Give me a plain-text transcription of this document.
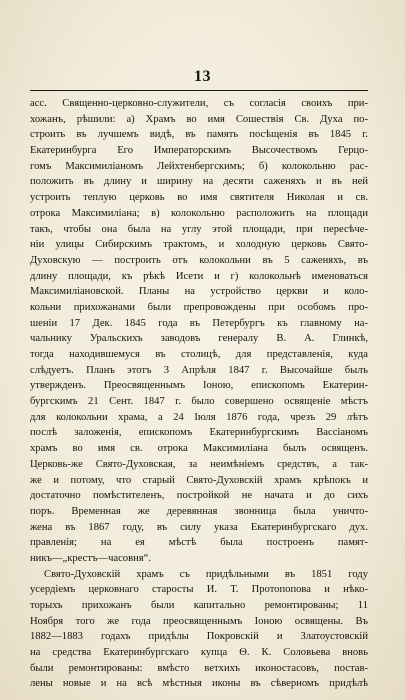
13
асс. Священно-церковно-служители, съ согласія своихъ при-
хожанъ, рѣшили: а) Храмъ во имя Сошествія Св. Духа по-
строить въ лучшемъ видѣ, въ память посѣщенія въ 1845 г.
Екатеринбурга Его Императорскимъ Высочествомъ Герцо-
гомъ Максимиліаномъ Лейхтенбергскимъ; б) колокольню рас-
положить въ длину и ширину на десяти саженяхъ и въ ней
устроить теплую церковь во имя святителя Николая и св.
отрока Максимиліана; в) колокольню расположить на площади
такъ, чтобы она была на углу этой площади, при пересѣче-
ніи улицы Сибирскимъ трактомъ, и холодную церковь Свято-
Духовскую — построить отъ колокольни въ 5 саженяхъ, въ
длину площади, къ рѣкѣ Исети и г) колокольнѣ именоваться
Максимиліановской. Планы на устройство церкви и коло-
кольни прихожанами были препровождены при особомъ про-
шеніи 17 Дек. 1845 года въ Петербургъ къ главному на-
чальнику Уральскихъ заводовъ генералу В. А. Глинкѣ,
тогда находившемуся въ столицѣ, для представленія, куда
слѣдуетъ. Планъ этотъ 3 Апрѣля 1847 г. Высочайше былъ
утвержденъ. Преосвященнымъ Іоною, епископомъ Екатерин-
бургскимъ 21 Сент. 1847 г. было совершено освященіе мѣстъ
для колокольни храма, а 24 Іюля 1876 года, чрезъ 29 лѣтъ
послѣ заложенія, епископомъ Екатеринбургскимъ Вассіаномъ
храмъ во имя св. отрока Максимиліана былъ освященъ.
Церковь-же Свято-Духовская, за неимѣніемъ средствъ, а так-
же и потому, что старый Свято-Духовскій храмъ крѣпокъ и
достаточно помѣстителенъ, постройкой не начата и до сихъ
поръ. Временная же деревянная звонница была уничто-
жена въ 1867 году, въ силу указа Екатеринбургскаго дух.
правленія; на ея мѣстѣ была построенъ памят-
никъ—„крестъ—часовня“.
Свято-Духовскій храмъ съ придѣльными въ 1851 году
усердіемъ церковнаго старосты И. Т. Протопопова и нѣко-
торыхъ прихожанъ были капитально ремонтированы; 11
Ноября того же года преосвященнымъ Іоною освящены. Въ
1882—1883 годахъ придѣлы Покровскій и Златоустовскій
на средства Екатеринбургскаго купца Ѳ. К. Соловьева вновь
были ремонтированы: вмѣсто ветхихъ иконостасовъ, постав-
лены новые и на всѣ мѣстныя иконы въ сѣверномъ придѣлѣ
